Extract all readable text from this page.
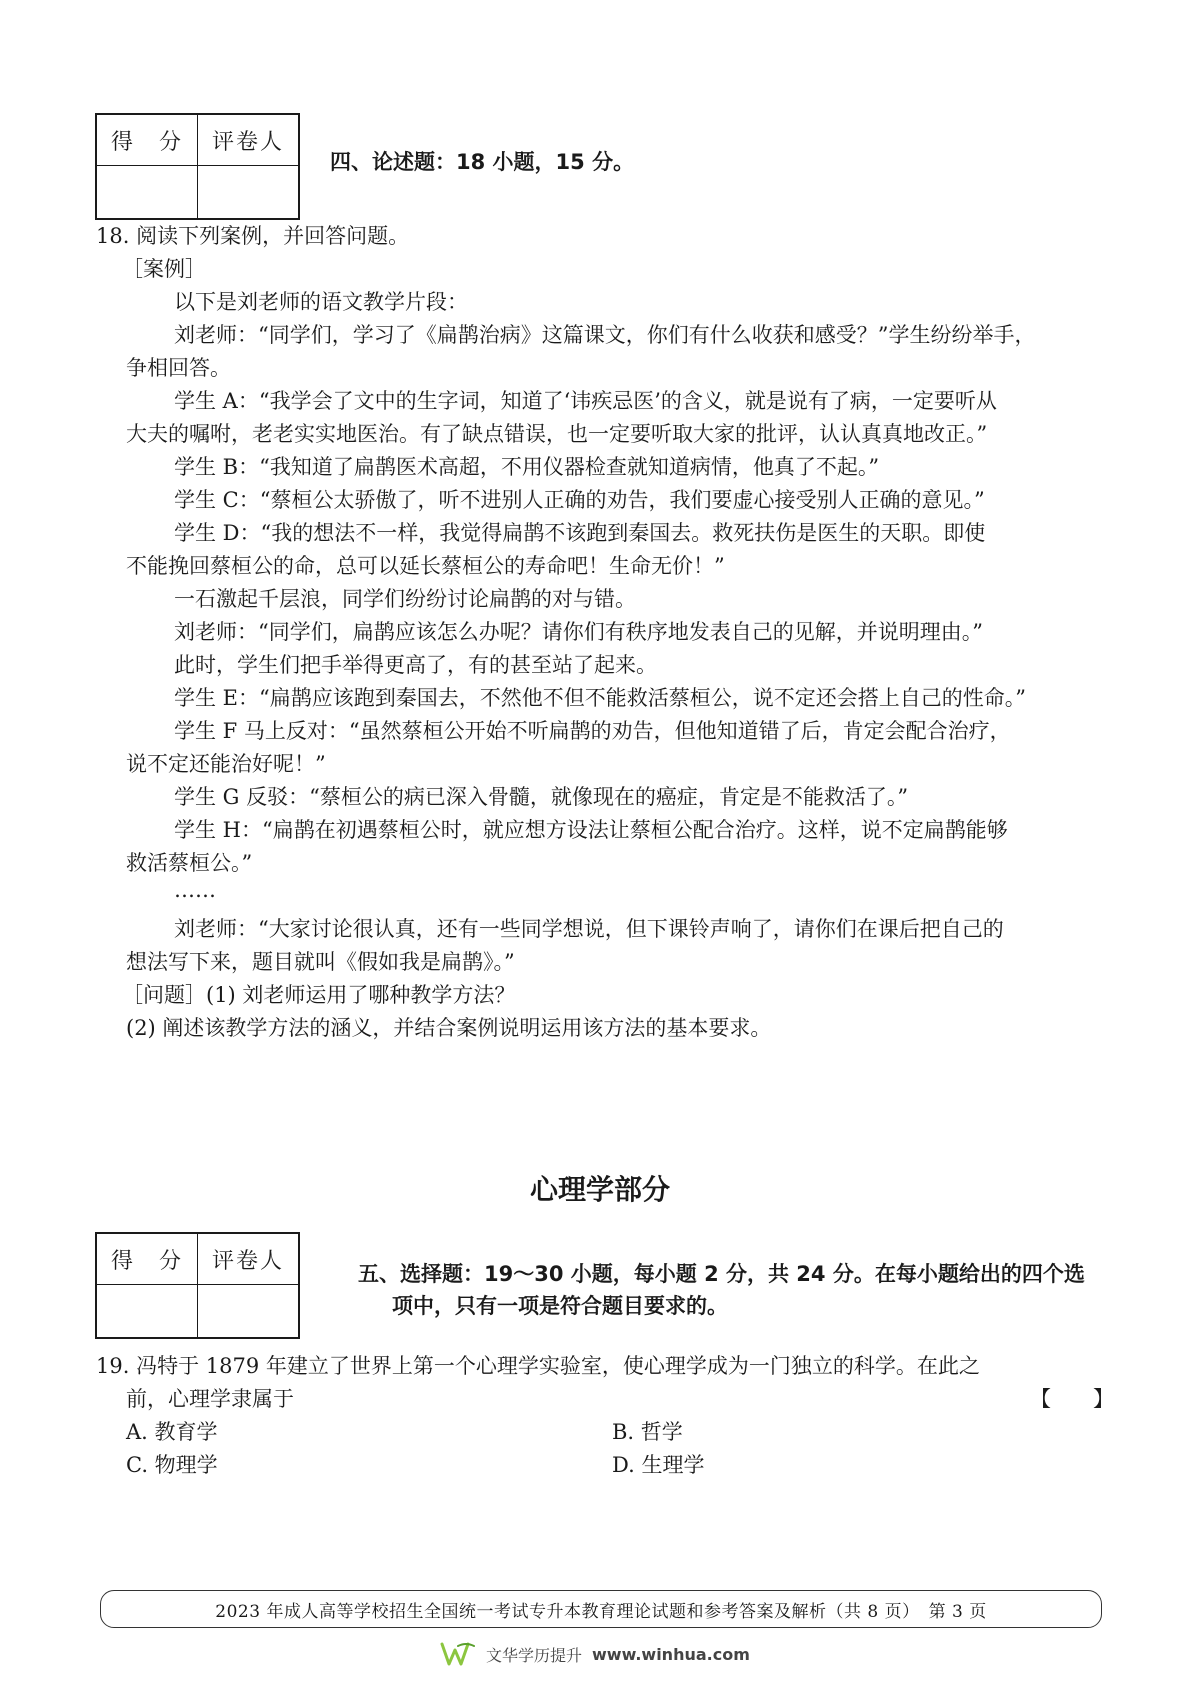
得　分	评卷人

四、论述题：18 小题，15 分。
18. 阅读下列案例，并回答问题。
［案例］
以下是刘老师的语文教学片段：
刘老师：“同学们，学习了《扁鹊治病》这篇课文，你们有什么收获和感受？”学生纷纷举手，
争相回答。
学生 A：“我学会了文中的生字词，知道了‘讳疾忌医’的含义，就是说有了病，一定要听从
大夫的嘱咐，老老实实地医治。有了缺点错误，也一定要听取大家的批评，认认真真地改正。”
学生 B：“我知道了扁鹊医术高超，不用仪器检查就知道病情，他真了不起。”
学生 C：“蔡桓公太骄傲了，听不进别人正确的劝告，我们要虚心接受别人正确的意见。”
学生 D：“我的想法不一样，我觉得扁鹊不该跑到秦国去。救死扶伤是医生的天职。即使
不能挽回蔡桓公的命，总可以延长蔡桓公的寿命吧！生命无价！”
一石激起千层浪，同学们纷纷讨论扁鹊的对与错。
刘老师：“同学们，扁鹊应该怎么办呢？请你们有秩序地发表自己的见解，并说明理由。”
此时，学生们把手举得更高了，有的甚至站了起来。
学生 E：“扁鹊应该跑到秦国去，不然他不但不能救活蔡桓公，说不定还会搭上自己的性命。”
学生 F 马上反对：“虽然蔡桓公开始不听扁鹊的劝告，但他知道错了后，肯定会配合治疗，
说不定还能治好呢！”
学生 G 反驳：“蔡桓公的病已深入骨髓，就像现在的癌症，肯定是不能救活了。”
学生 H：“扁鹊在初遇蔡桓公时，就应想方设法让蔡桓公配合治疗。这样，说不定扁鹊能够
救活蔡桓公。”
……
刘老师：“大家讨论很认真，还有一些同学想说，但下课铃声响了，请你们在课后把自己的
想法写下来，题目就叫《假如我是扁鹊》。”
［问题］(1) 刘老师运用了哪种教学方法？
(2) 阐述该教学方法的涵义，并结合案例说明运用该方法的基本要求。
心理学部分
得　分	评卷人

五、选择题：19～30 小题，每小题 2 分，共 24 分。在每小题给出的四个选
项中，只有一项是符合题目要求的。
19. 冯特于 1879 年建立了世界上第一个心理学实验室，使心理学成为一门独立的科学。在此之
前，心理学隶属于	【　　】
A. 教育学	B. 哲学
C. 物理学	D. 生理学
2023 年成人高等学校招生全国统一考试专升本教育理论试题和参考答案及解析（共 8 页）　第 3 页
文华学历提升 www.winhua.com
